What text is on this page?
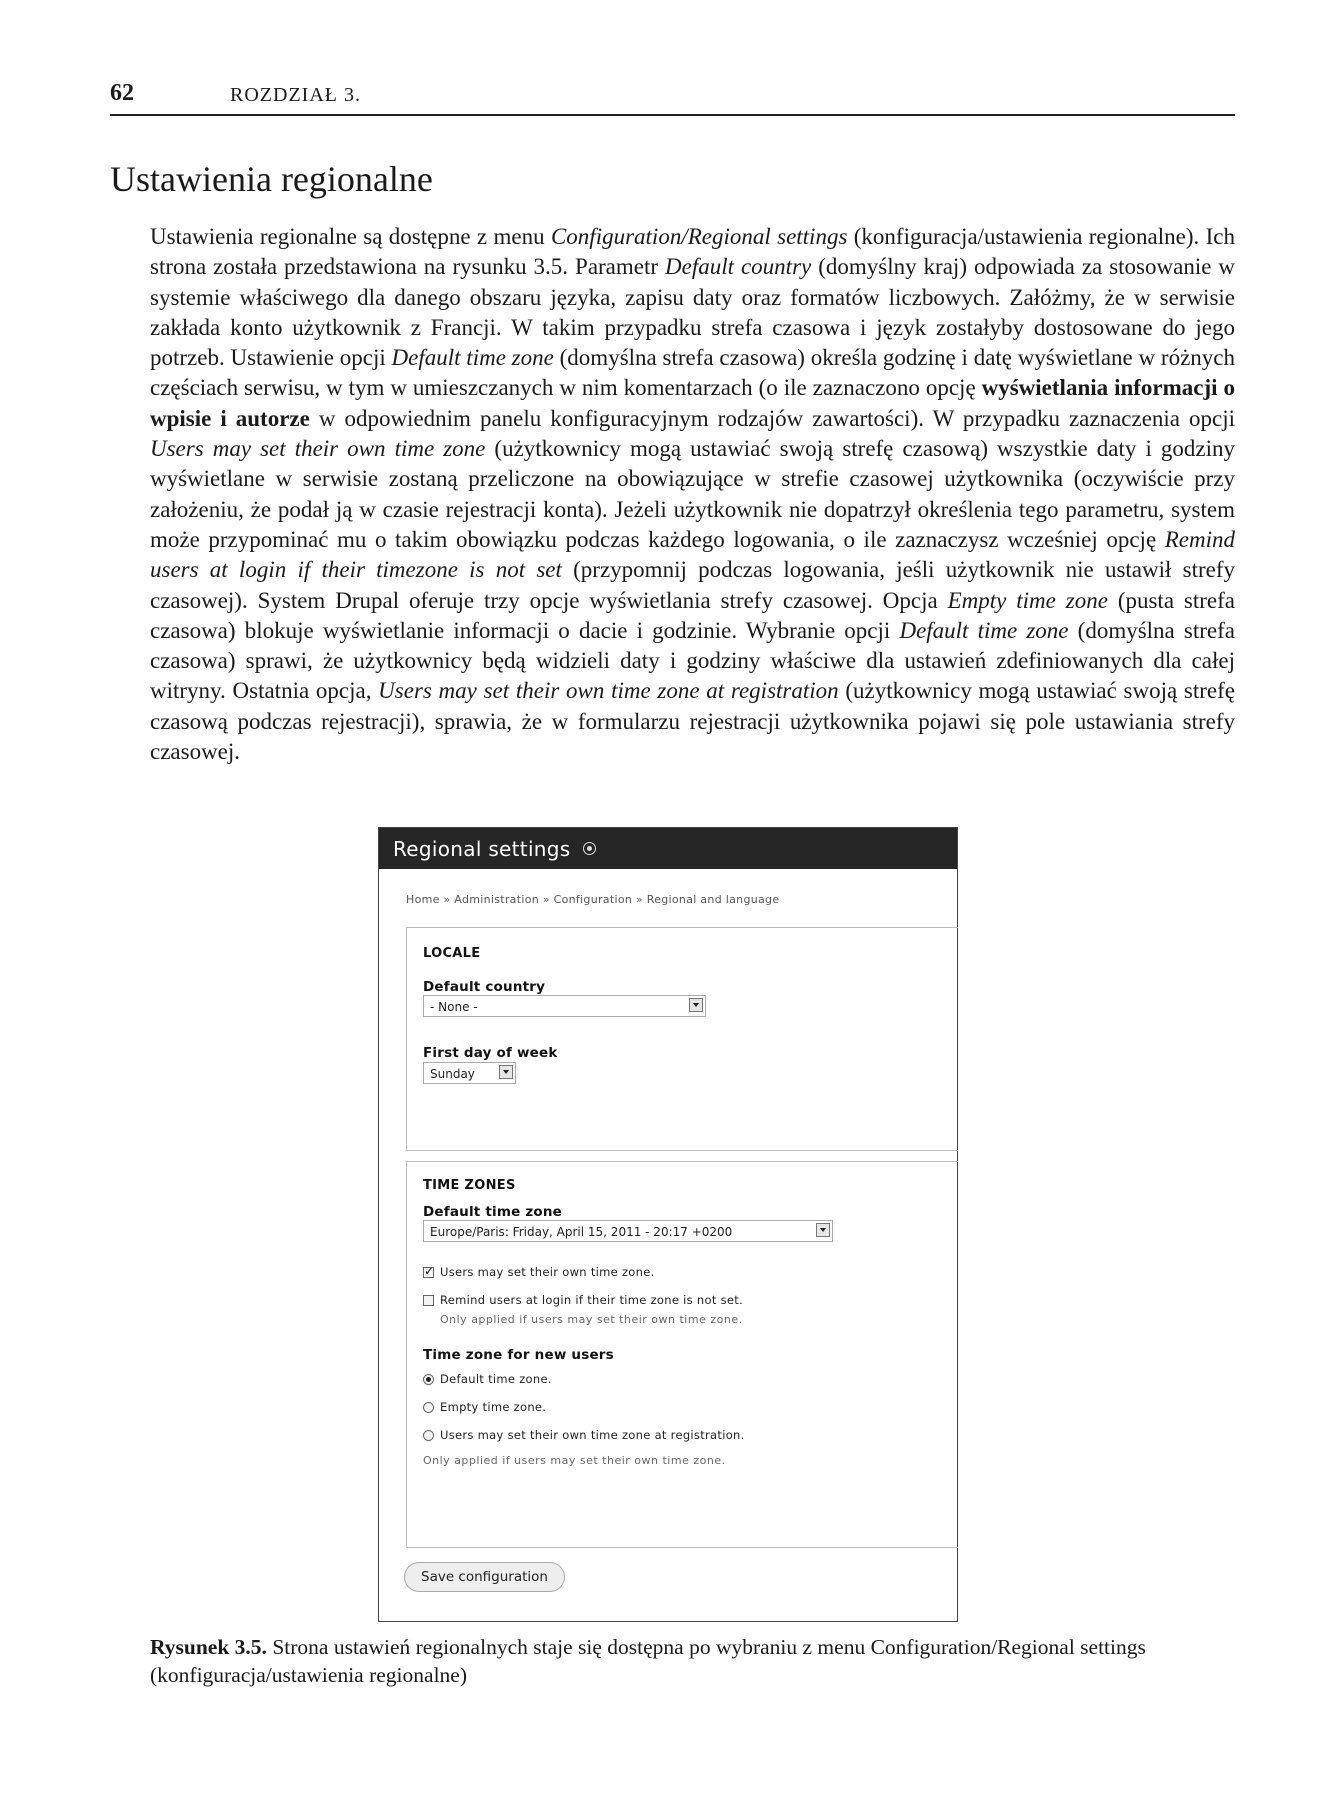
62	ROZDZIAŁ 3.
Ustawienia regionalne

Ustawienia regionalne są dostępne z menu Configuration/Regional settings (konfiguracja/ustawienia regionalne). Ich strona została przedstawiona na rysunku 3.5. Parametr Default country (domyślny kraj) odpowiada za stosowanie w systemie właściwego dla danego obszaru języka, zapisu daty oraz formatów liczbowych. Załóżmy, że w serwisie zakłada konto użytkownik z Francji. W takim przypadku strefa czasowa i język zostałyby dostosowane do jego potrzeb. Ustawienie opcji Default time zone (domyślna strefa czasowa) określa godzinę i datę wyświetlane w różnych częściach serwisu, w tym w umieszczanych w nim komentarzach (o ile zaznaczono opcję wyświetlania informacji o wpisie i autorze w odpowiednim panelu konfiguracyjnym rodzajów zawartości). W przypadku zaznaczenia opcji Users may set their own time zone (użytkownicy mogą ustawiać swoją strefę czasową) wszystkie daty i godziny wyświetlane w serwisie zostaną przeliczone na obowiązujące w strefie czasowej użytkownika (oczywiście przy założeniu, że podał ją w czasie rejestracji konta). Jeżeli użytkownik nie dopatrzył określenia tego parametru, system może przypominać mu o takim obowiązku podczas każdego logowania, o ile zaznaczysz wcześniej opcję Remind users at login if their timezone is not set (przypomnij podczas logowania, jeśli użytkownik nie ustawił strefy czasowej). System Drupal oferuje trzy opcje wyświetlania strefy czasowej. Opcja Empty time zone (pusta strefa czasowa) blokuje wyświetlanie informacji o dacie i godzinie. Wybranie opcji Default time zone (domyślna strefa czasowa) sprawi, że użytkownicy będą widzieli daty i godziny właściwe dla ustawień zdefiniowanych dla całej witryny. Ostatnia opcja, Users may set their own time zone at registration (użytkownicy mogą ustawiać swoją strefę czasową podczas rejestracji), sprawia, że w formularzu rejestracji użytkownika pojawi się pole ustawiania strefy czasowej.

Regional settings
Home » Administration » Configuration » Regional and language
LOCALE
Default country
- None -
First day of week
Sunday
TIME ZONES
Default time zone
Europe/Paris: Friday, April 15, 2011 - 20:17 +0200
✓
Users may set their own time zone.
Remind users at login if their time zone is not set.
Only applied if users may set their own time zone.
Time zone for new users
Default time zone.
Empty time zone.
Users may set their own time zone at registration.
Only applied if users may set their own time zone.
Save configuration

Rysunek 3.5. Strona ustawień regionalnych staje się dostępna po wybraniu z menu Configuration/Regional settings (konfiguracja/ustawienia regionalne)
